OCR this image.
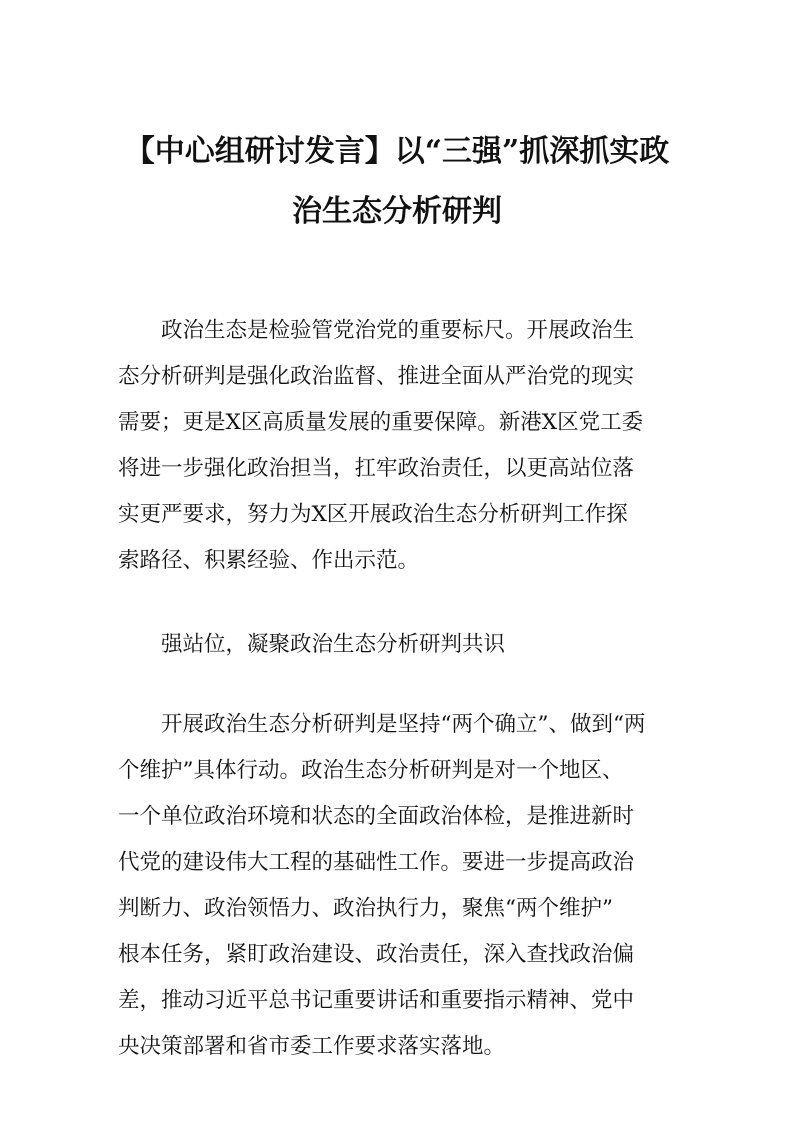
【中心组研讨发言】以“三强”抓深抓实政
治生态分析研判

　　政治生态是检验管党治党的重要标尺。开展政治生
态分析研判是强化政治监督、推进全面从严治党的现实
需要；更是X区高质量发展的重要保障。新港X区党工委
将进一步强化政治担当，扛牢政治责任，以更高站位落
实更严要求，努力为X区开展政治生态分析研判工作探
索路径、积累经验、作出示范。

　　强站位，凝聚政治生态分析研判共识

　　开展政治生态分析研判是坚持“两个确立”、做到“两
个维护”具体行动。政治生态分析研判是对一个地区、
一个单位政治环境和状态的全面政治体检，是推进新时
代党的建设伟大工程的基础性工作。要进一步提高政治
判断力、政治领悟力、政治执行力，聚焦“两个维护”
根本任务，紧盯政治建设、政治责任，深入查找政治偏
差，推动习近平总书记重要讲话和重要指示精神、党中
央决策部署和省市委工作要求落实落地。
